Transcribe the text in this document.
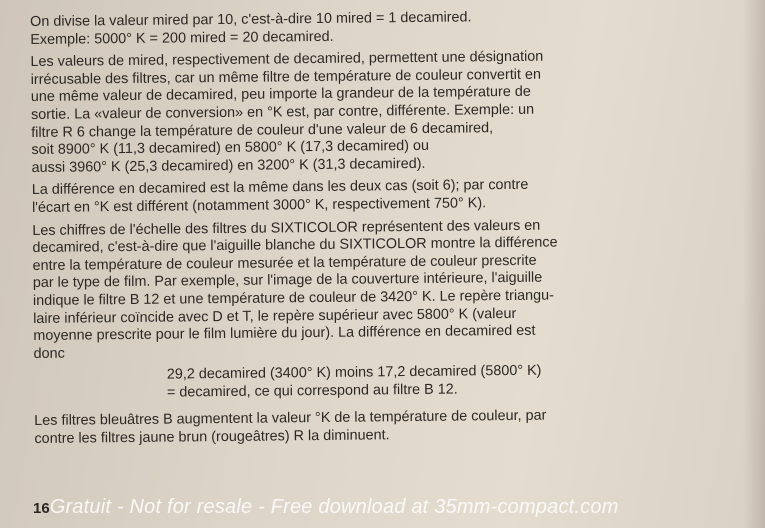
On divise la valeur mired par 10, c'est-à-dire 10 mired = 1 decamired.
Exemple: 5000° K = 200 mired = 20 decamired.

Les valeurs de mired, respectivement de decamired, permettent une désignation
irrécusable des filtres, car un même filtre de température de couleur convertit en
une même valeur de decamired, peu importe la grandeur de la température de
sortie. La «valeur de conversion» en °K est, par contre, différente. Exemple: un
filtre R 6 change la température de couleur d'une valeur de 6 decamired,
soit 8900° K (11,3 decamired) en 5800° K (17,3 decamired) ou
aussi 3960° K (25,3 decamired) en 3200° K (31,3 decamired).

La différence en decamired est la même dans les deux cas (soit 6); par contre
l'écart en °K est différent (notamment 3000° K, respectivement 750° K).

Les chiffres de l'échelle des filtres du SIXTICOLOR représentent des valeurs en
decamired, c'est-à-dire que l'aiguille blanche du SIXTICOLOR montre la différence
entre la température de couleur mesurée et la température de couleur prescrite
par le type de film. Par exemple, sur l'image de la couverture intérieure, l'aiguille
indique le filtre B 12 et une température de couleur de 3420° K. Le repère triangu-
laire inférieur coïncide avec D et T, le repère supérieur avec 5800° K (valeur
moyenne prescrite pour le film lumière du jour). La différence en decamired est
donc

29,2 decamired (3400° K) moins 17,2 decamired (5800° K)
= decamired, ce qui correspond au filtre B 12.

Les filtres bleuâtres B augmentent la valeur °K de la température de couleur, par
contre les filtres jaune brun (rougeâtres) R la diminuent.

16Gratuit - Not for resale - Free download at 35mm-compact.com
